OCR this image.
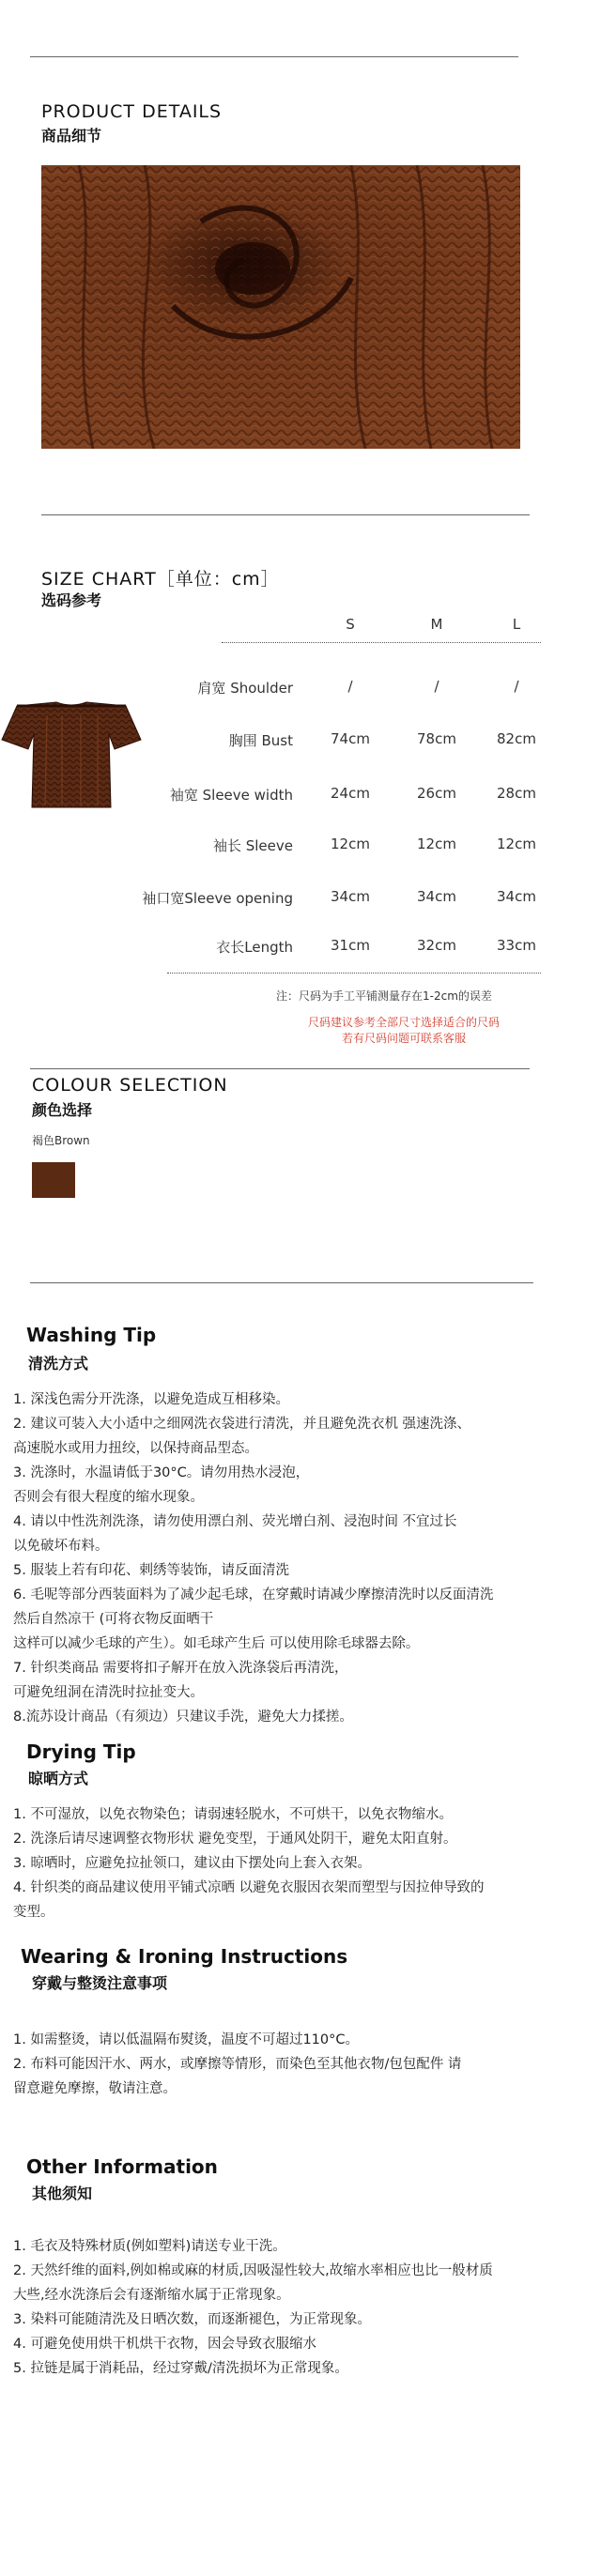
PRODUCT DETAILS
商品细节
SIZE CHART［单位：cm］
选码参考
S	M	L
肩宽 Shoulder	/	/	/
胸围 Bust	74cm	78cm	82cm
袖宽 Sleeve width	24cm	26cm	28cm
袖长 Sleeve	12cm	12cm	12cm
袖口宽Sleeve opening	34cm	34cm	34cm
衣长Length	31cm	32cm	33cm
注：尺码为手工平铺测量存在1-2cm的误差
尺码建议参考全部尺寸选择适合的尺码
若有尺码问题可联系客服
COLOUR SELECTION
颜色选择
褐色Brown
Washing Tip
清洗方式

1. 深浅色需分开洗涤，以避免造成互相移染。

2. 建议可装入大小适中之细网洗衣袋进行清洗，并且避免洗衣机 强速洗涤、

高速脱水或用力扭绞，以保持商品型态。

3. 洗涤时，水温请低于30°C。请勿用热水浸泡，

否则会有很大程度的缩水现象。

4. 请以中性洗剂洗涤，请勿使用漂白剂、荧光增白剂、浸泡时间 不宜过长

以免破坏布料。

5. 服装上若有印花、剌绣等装饰，请反面清洗

6. 毛呢等部分西装面料为了减少起毛球，在穿戴时请减少摩擦清洗时以反面清洗

然后自然凉干 (可将衣物反面晒干

这样可以减少毛球的产生）。如毛球产生后 可以使用除毛球器去除。

7. 针织类商品 需要将扣子解开在放入洗涤袋后再清洗，

可避免纽洞在清洗时拉扯变大。

8.流苏设计商品（有须边）只建议手洗，避免大力揉搓。

Drying Tip
晾晒方式

1. 不可湿放，以免衣物染色；请弱速轻脱水，不可烘干，以免衣物缩水。

2. 洗涤后请尽速调整衣物形状 避免变型，于通风处阴干，避免太阳直射。

3. 晾晒时，应避免拉扯领口，建议由下摆处向上套入衣架。

4. 针织类的商品建议使用平铺式凉晒 以避免衣服因衣架而塑型与因拉伸导致的

变型。

Wearing & Ironing Instructions
穿戴与整烫注意事项

1. 如需整烫，请以低温隔布熨烫，温度不可超过110°C。

2. 布料可能因汗水、两水，或摩擦等情形，而染色至其他衣物/包包配件 请

留意避免摩擦，敬请注意。

Other Information
其他须知

1. 毛衣及特殊材质(例如塑料)请送专业干洗。

2. 天然纤维的面料,例如棉或麻的材质,因吸湿性较大,故缩水率相应也比一般材质

大些,经水洗涤后会有逐渐缩水属于正常现象。

3. 染料可能随清洗及日晒次数，而逐渐褪色，为正常现象。

4. 可避免使用烘干机烘干衣物，因会导致衣服缩水

5. 拉链是属于消耗品，经过穿戴/清洗损坏为正常现象。
